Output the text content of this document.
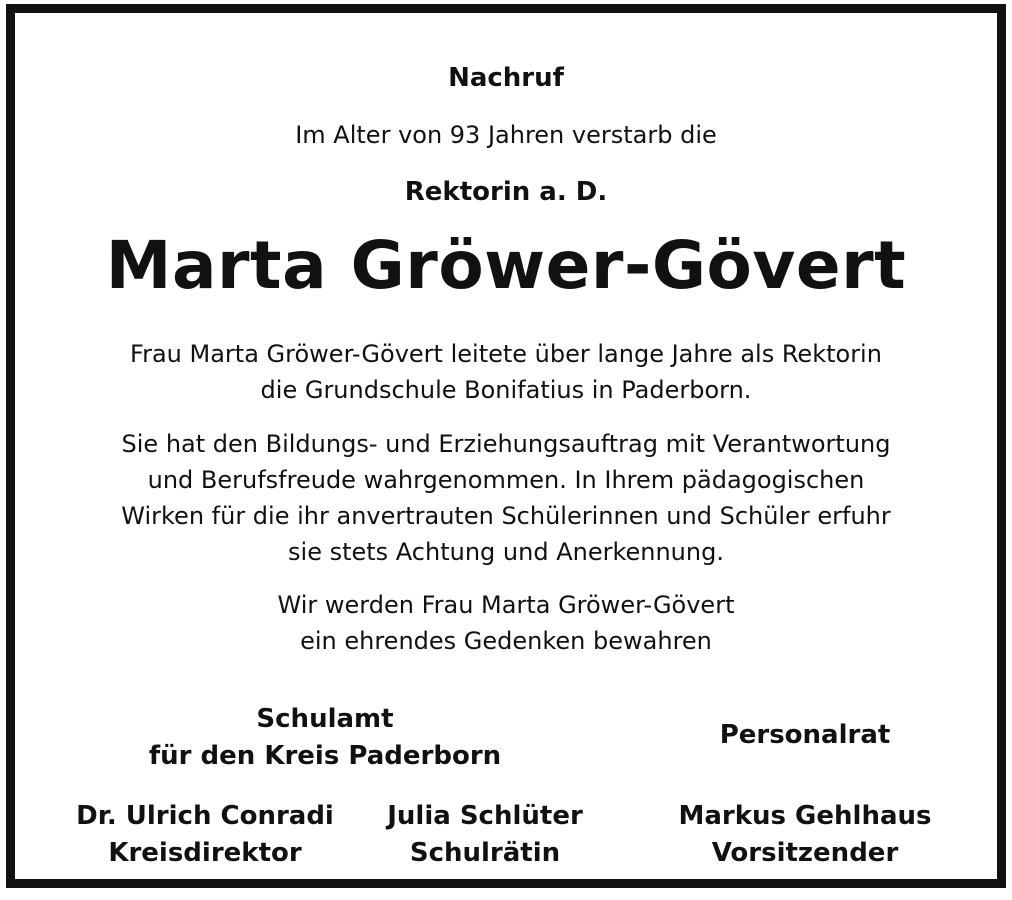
Nachruf
Im Alter von 93 Jahren verstarb die
Rektorin a. D.
Marta Gröwer-Gövert
Frau Marta Gröwer-Gövert leitete über lange Jahre als Rektorin
die Grundschule Bonifatius in Paderborn.
Sie hat den Bildungs- und Erziehungsauftrag mit Verantwortung
und Berufsfreude wahrgenommen. In Ihrem pädagogischen
Wirken für die ihr anvertrauten Schülerinnen und Schüler erfuhr
sie stets Achtung und Anerkennung.
Wir werden Frau Marta Gröwer-Gövert
ein ehrendes Gedenken bewahren
Schulamt
für den Kreis Paderborn
Personalrat
Dr. Ulrich Conradi
Kreisdirektor
Julia Schlüter
Schulrätin
Markus Gehlhaus
Vorsitzender
